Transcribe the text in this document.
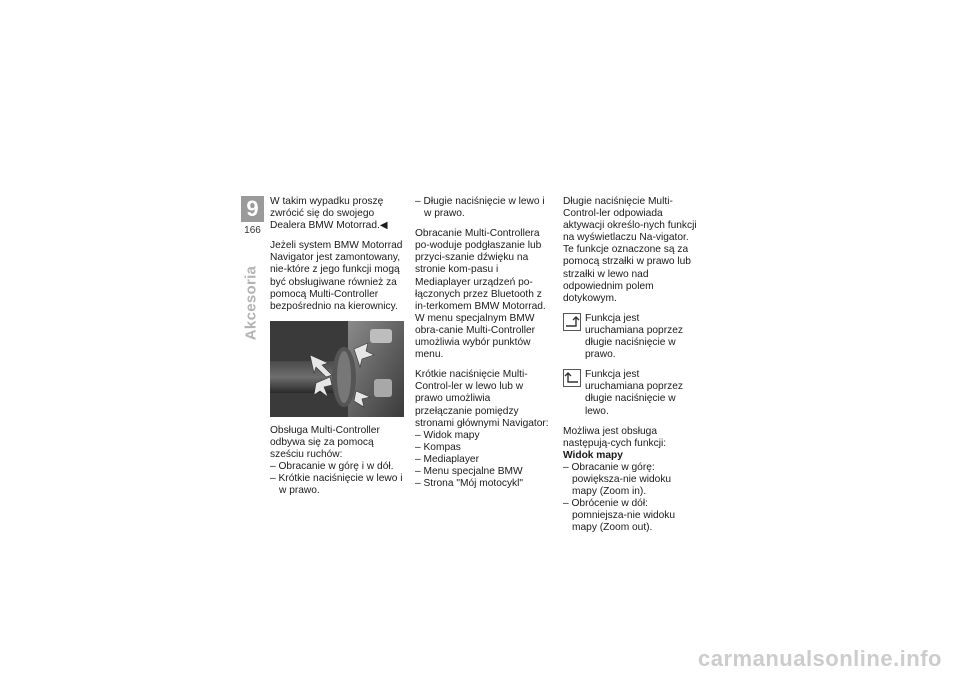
9
166
Akcesoria

W takim wypadku proszę zwrócić się do swojego Dealera BMW Motorrad.◀

Jeżeli system BMW Motorrad Navigator jest zamontowany, nie-które z jego funkcji mogą być obsługiwane również za pomocą Multi-Controller bezpośrednio na kierownicy.

Obsługa Multi-Controller odbywa się za pomocą sześciu ruchów:

– Obracanie w górę i w dół.
– Krótkie naciśnięcie w lewo i w prawo.
– Długie naciśnięcie w lewo i w prawo.

Obracanie Multi-Controllera po-woduje podgłaszanie lub przyci-szanie dźwięku na stronie kom-pasu i Mediaplayer urządzeń po-łączonych przez Bluetooth z in-terkomem BMW Motorrad.

W menu specjalnym BMW obra-canie Multi-Controller umożliwia wybór punktów menu.

Krótkie naciśnięcie Multi-Control-ler w lewo lub w prawo umożliwia przełączanie pomiędzy stronami głównymi Navigator:

– Widok mapy
– Kompas
– Mediaplayer
– Menu specjalne BMW
– Strona "Mój motocykl"

Długie naciśnięcie Multi-Control-ler odpowiada aktywacji określo-nych funkcji na wyświetlaczu Na-vigator. Te funkcje oznaczone są za pomocą strzałki w prawo lub strzałki w lewo nad odpowiednim polem dotykowym.

Funkcja jest uruchamiana poprzez długie naciśnięcie w prawo.
Funkcja jest uruchamiana poprzez długie naciśnięcie w lewo.

Możliwa jest obsługa następują-cych funkcji:

Widok mapy

– Obracanie w górę: powiększa-nie widoku mapy (Zoom in).
– Obrócenie w dół: pomniejsza-nie widoku mapy (Zoom out).
carmanualsonline.info
